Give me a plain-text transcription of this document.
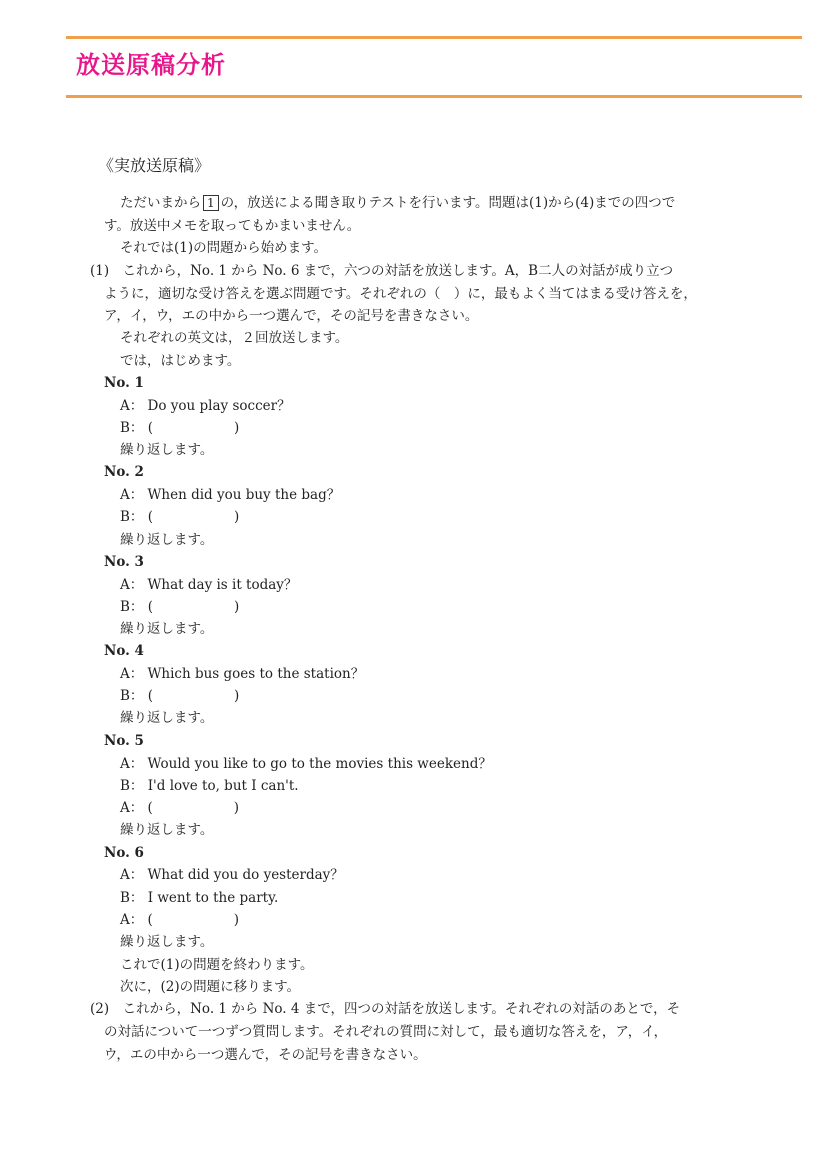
放送原稿分析
《実放送原稿》
ただいまから 1 の，放送による聞き取りテストを行います。問題は(1)から(4)までの四つで
す。放送中メモを取ってもかまいません。
それでは(1)の問題から始めます。
(1)　これから，No. 1 から No. 6 まで，六つの対話を放送します。A，B二人の対話が成り立つ
ように，適切な受け答えを選ぶ問題です。それぞれの（　）に，最もよく当てはまる受け答えを，
ア，イ，ウ，エの中から一つ選んで，その記号を書きなさい。
それぞれの英文は，２回放送します。
では，はじめます。
No. 1
A： Do you play soccer？
B： (　　　　　　)
繰り返します。
No. 2
A： When did you buy the bag？
B： (　　　　　　)
繰り返します。
No. 3
A： What day is it today？
B： (　　　　　　)
繰り返します。
No. 4
A： Which bus goes to the station？
B： (　　　　　　)
繰り返します。
No. 5
A： Would you like to go to the movies this weekend？
B： I'd love to, but I can't.
A： (　　　　　　)
繰り返します。
No. 6
A： What did you do yesterday？
B： I went to the party.
A： (　　　　　　)
繰り返します。
これで(1)の問題を終わります。
次に，(2)の問題に移ります。
(2)　これから，No. 1 から No. 4 まで，四つの対話を放送します。それぞれの対話のあとで，そ
の対話について一つずつ質問します。それぞれの質問に対して，最も適切な答えを，ア，イ，
ウ，エの中から一つ選んで，その記号を書きなさい。
